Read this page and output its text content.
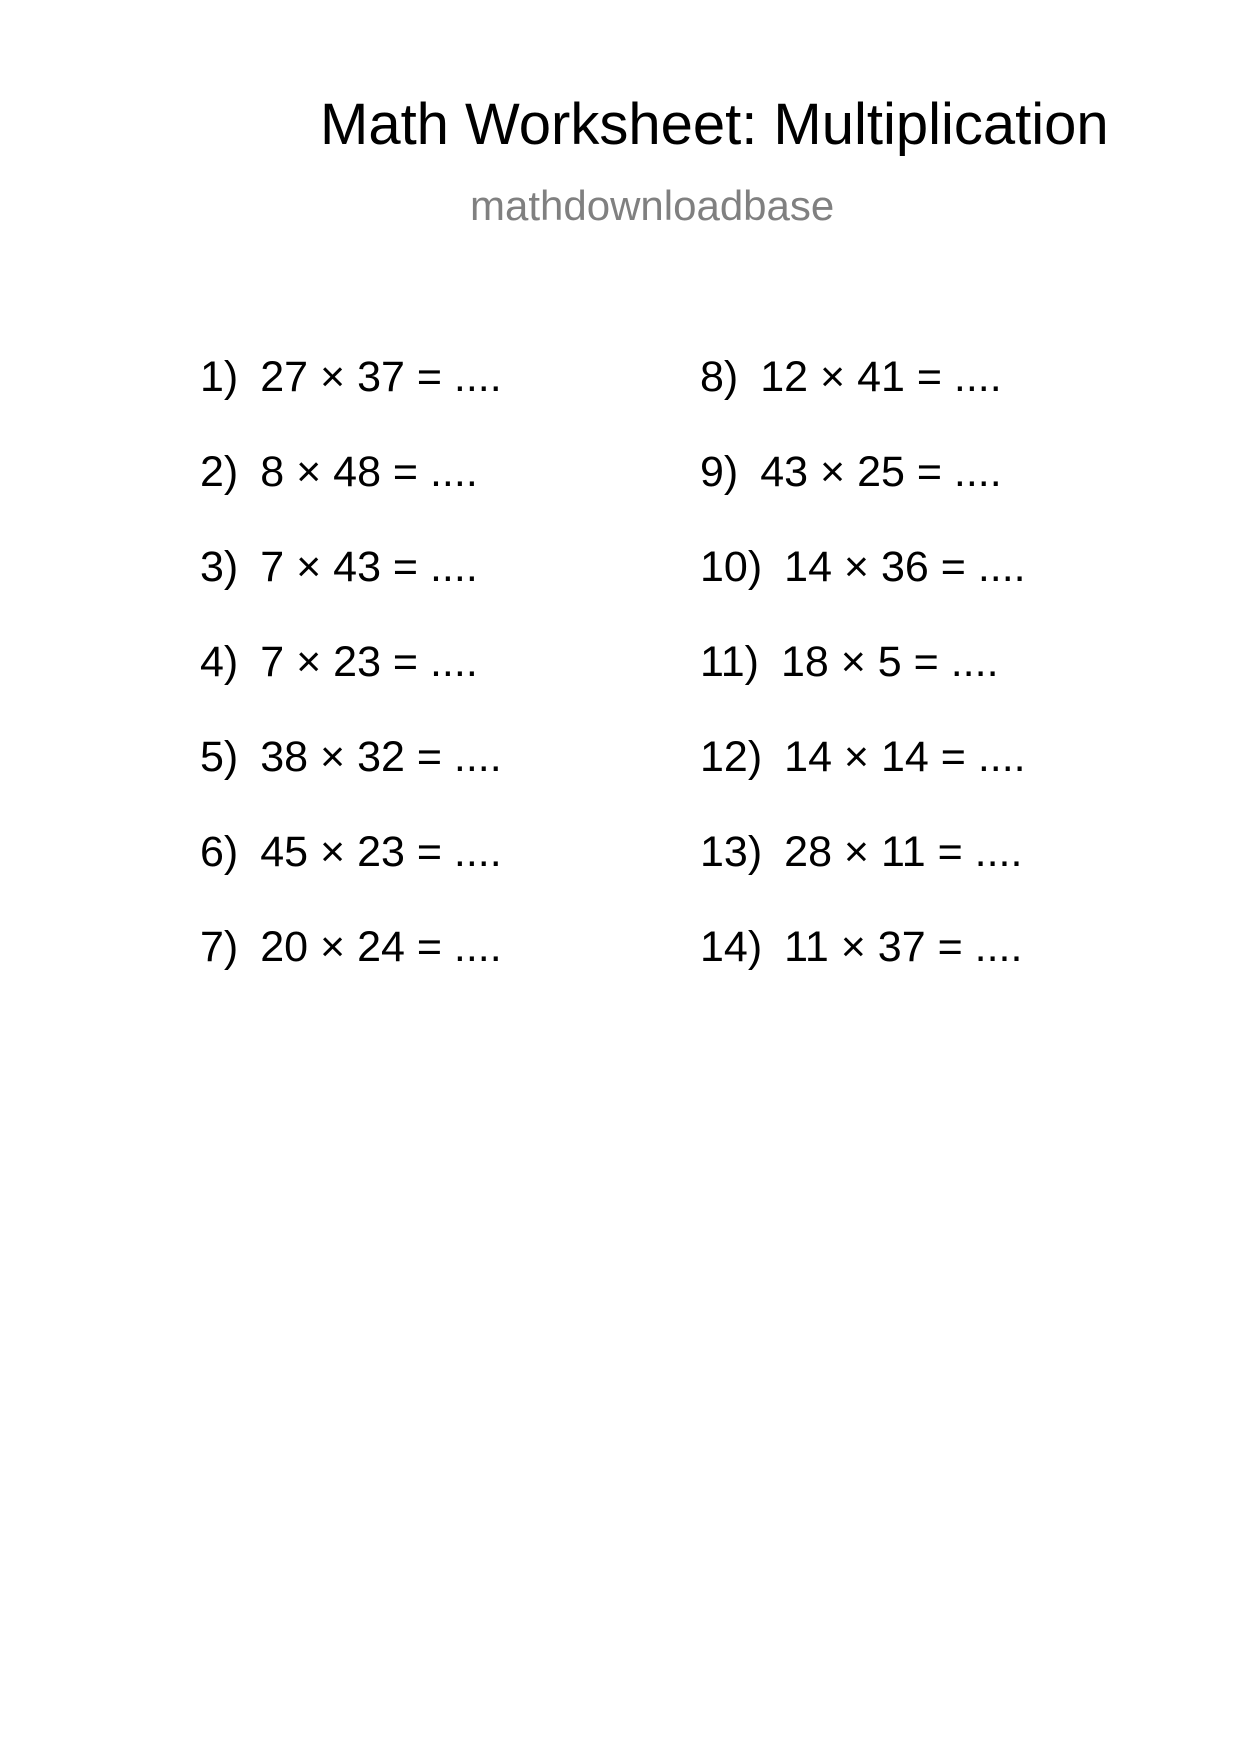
Math Worksheet: Multiplication
mathdownloadbase
1) 27 × 37 = ....
2) 8 × 48 = ....
3) 7 × 43 = ....
4) 7 × 23 = ....
5) 38 × 32 = ....
6) 45 × 23 = ....
7) 20 × 24 = ....
8) 12 × 41 = ....
9) 43 × 25 = ....
10) 14 × 36 = ....
11) 18 × 5 = ....
12) 14 × 14 = ....
13) 28 × 11 = ....
14) 11 × 37 = ....
